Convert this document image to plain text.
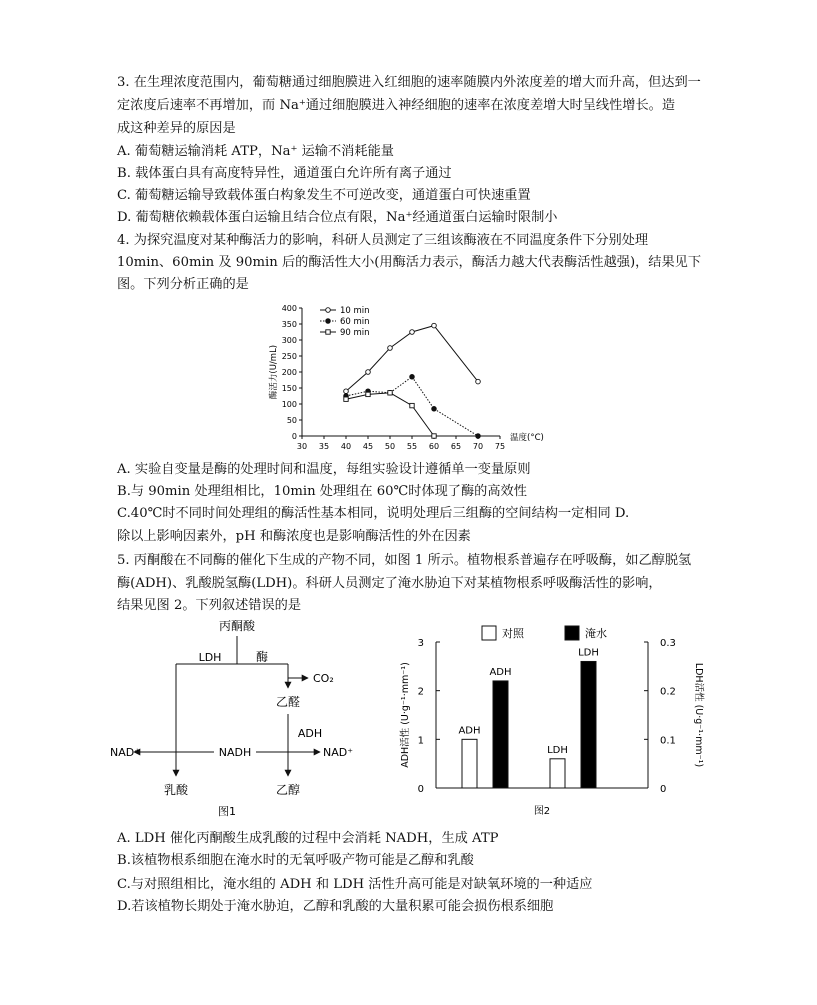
3. 在生理浓度范围内，葡萄糖通过细胞膜进入红细胞的速率随膜内外浓度差的增大而升高，但达到一
定浓度后速率不再增加，而 Na⁺通过细胞膜进入神经细胞的速率在浓度差增大时呈线性增长。造
成这种差异的原因是
A. 葡萄糖运输消耗 ATP，Na⁺ 运输不消耗能量
B. 载体蛋白具有高度特异性，通道蛋白允许所有离子通过
C. 葡萄糖运输导致载体蛋白构象发生不可逆改变，通道蛋白可快速重置
D. 葡萄糖依赖载体蛋白运输且结合位点有限，Na⁺经通道蛋白运输时限制小
4. 为探究温度对某种酶活力的影响，科研人员测定了三组该酶液在不同温度条件下分别处理
10min、60min 及 90min 后的酶活性大小(用酶活力表示，酶活力越大代表酶活性越强)，结果见下
图。下列分析正确的是
0
50
100
150
200
250
300
350
400
30 35 40 45 50 55 60 65 70 75
温度(°C)
酶活力(U/mL)
10 min
60 min
90 min
A. 实验自变量是酶的处理时间和温度，每组实验设计遵循单一变量原则
B.与 90min 处理组相比，10min 处理组在 60℃时体现了酶的高效性
C.40℃时不同时间处理组的酶活性基本相同，说明处理后三组酶的空间结构一定相同 D.
除以上影响因素外，pH 和酶浓度也是影响酶活性的外在因素
5. 丙酮酸在不同酶的催化下生成的产物不同，如图 1 所示。植物根系普遍存在呼吸酶，如乙醇脱氢
酶(ADH)、乳酸脱氢酶(LDH)。科研人员测定了淹水胁迫下对某植物根系呼吸酶活性的影响，
结果见图 2。下列叙述错误的是
丙酮酸
LDH	酶
CO₂
乙醛
ADH
NAD⁺	NADH	NAD⁺
乳酸	乙醇
图1
0
1
2
3
0
0.1
0.2
0.3
ADH活性 (U·g⁻¹·mm⁻¹)	LDH活性 (U·g⁻¹·mm⁻¹)
图2
ADH
ADH
LDH
LDH
对照	淹水
A. LDH 催化丙酮酸生成乳酸的过程中会消耗 NADH，生成 ATP
B.该植物根系细胞在淹水时的无氧呼吸产物可能是乙醇和乳酸
C.与对照组相比，淹水组的 ADH 和 LDH 活性升高可能是对缺氧环境的一种适应
D.若该植物长期处于淹水胁迫，乙醇和乳酸的大量积累可能会损伤根系细胞
